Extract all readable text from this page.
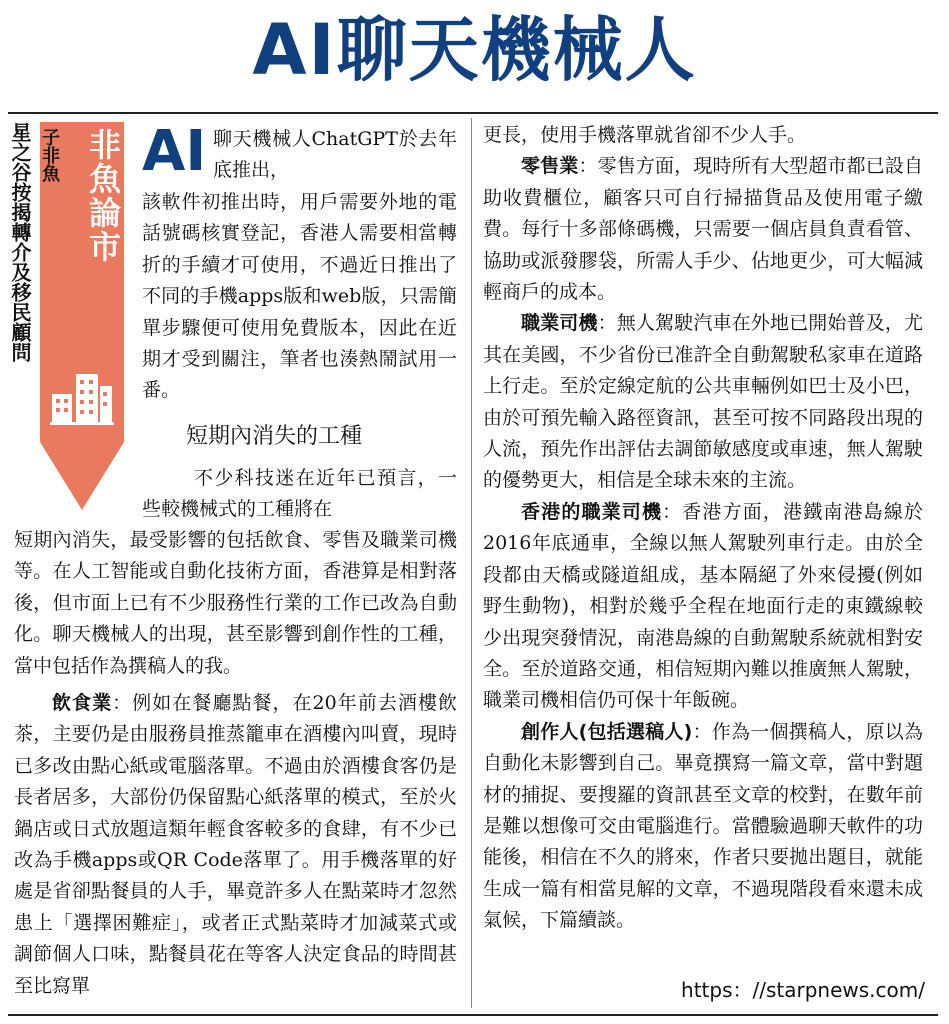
AI聊天機械人
星之谷按揭轉介及移民顧問 子非魚 非魚論市 AI 聊天機械人ChatGPT於去年底推出，

該軟件初推出時，用戶需要外地的電話號碼核實登記，香港人需要相當轉折的手續才可使用，不過近日推出了不同的手機apps版和web版，只需簡單步驟便可使用免費版本，因此在近期才受到關注，筆者也湊熱鬧試用一番。

短期內消失的工種

不少科技迷在近年已預言，一些較機械式的工種將在

短期內消失，最受影響的包括飲食、零售及職業司機等。在人工智能或自動化技術方面，香港算是相對落後，但市面上已有不少服務性行業的工作已改為自動化。聊天機械人的出現，甚至影響到創作性的工種，當中包括作為撰稿人的我。

飲食業：例如在餐廳點餐，在20年前去酒樓飲茶，主要仍是由服務員推蒸籠車在酒樓內叫賣，現時已多改由點心紙或電腦落單。不過由於酒樓食客仍是長者居多，大部份仍保留點心紙落單的模式，至於火鍋店或日式放題這類年輕食客較多的食肆，有不少已改為手機apps或QR Code落單了。用手機落單的好處是省卻點餐員的人手，畢竟許多人在點菜時才忽然患上「選擇困難症」，或者正式點菜時才加減菜式或調節個人口味，點餐員花在等客人決定食品的時間甚至比寫單

更長，使用手機落單就省卻不少人手。
零售業：零售方面，現時所有大型超市都已設自助收費櫃位，顧客只可自行掃描貨品及使用電子繳費。每行十多部條碼機，只需要一個店員負責看管、協助或派發膠袋，所需人手少、佔地更少，可大幅減輕商戶的成本。
職業司機：無人駕駛汽車在外地已開始普及，尤其在美國，不少省份已准許全自動駕駛私家車在道路上行走。至於定線定航的公共車輛例如巴士及小巴，由於可預先輸入路徑資訊，甚至可按不同路段出現的人流，預先作出評估去調節敏感度或車速，無人駕駛的優勢更大，相信是全球未來的主流。
香港的職業司機：香港方面，港鐵南港島線於2016年底通車，全線以無人駕駛列車行走。由於全段都由天橋或隧道組成，基本隔絕了外來侵擾(例如野生動物)，相對於幾乎全程在地面行走的東鐵線較少出現突發情況，南港島線的自動駕駛系統就相對安全。至於道路交通，相信短期內難以推廣無人駕駛，職業司機相信仍可保十年飯碗。
創作人(包括選稿人)：作為一個撰稿人，原以為自動化未影響到自己。畢竟撰寫一篇文章，當中對題材的捕捉、要搜羅的資訊甚至文章的校對，在數年前是難以想像可交由電腦進行。當體驗過聊天軟件的功能後，相信在不久的將來，作者只要拋出題目，就能生成一篇有相當見解的文章，不過現階段看來還未成氣候，下篇續談。
https：//starpnews.com/
